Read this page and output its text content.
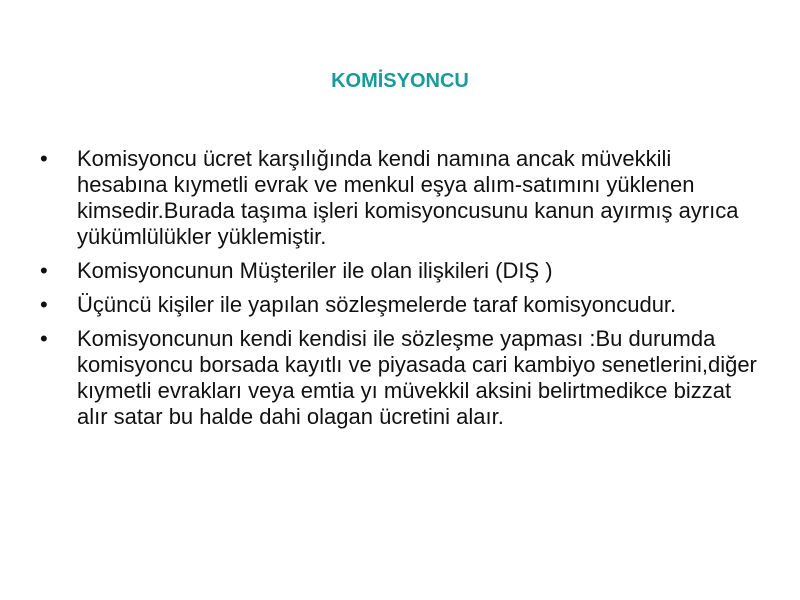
KOMİSYONCU
•	Komisyoncu ücret karşılığında kendi namına ancak müvekkili hesabına kıymetli evrak ve menkul eşya alım-satımını yüklenen kimsedir.Burada taşıma işleri komisyoncusunu kanun ayırmış ayrıca yükümlülükler yüklemiştir.
•	Komisyoncunun Müşteriler ile olan ilişkileri (DIŞ )
•	Üçüncü kişiler ile yapılan sözleşmelerde taraf komisyoncudur.
•	Komisyoncunun kendi kendisi ile sözleşme yapması :Bu durumda komisyoncu borsada kayıtlı ve piyasada cari kambiyo senetlerini,diğer kıymetli evrakları veya emtia yı müvekkil aksini belirtmedikce bizzat alır satar bu halde dahi olagan ücretini alaır.
